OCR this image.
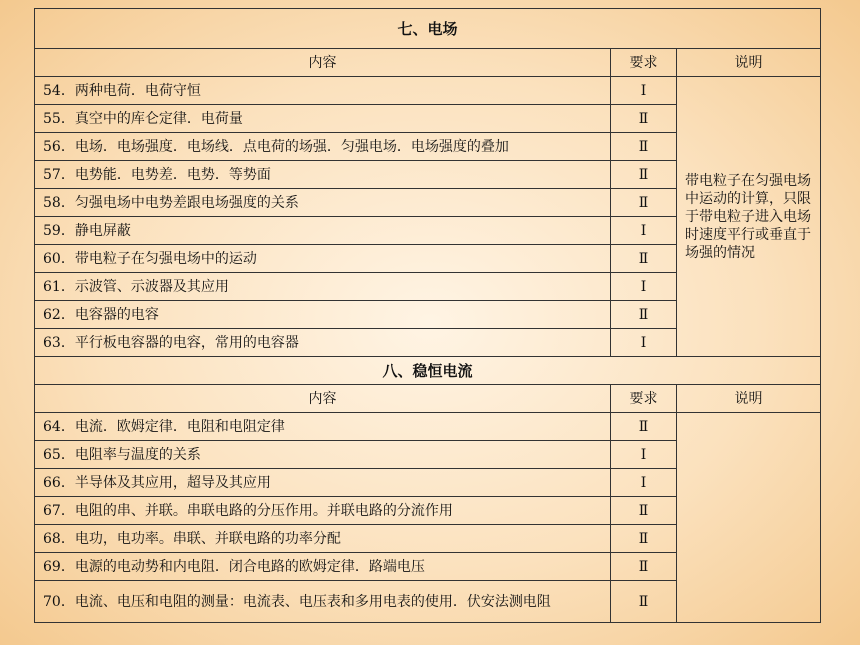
七、电场		
内容	要求	说明
54．两种电荷．电荷守恒	Ⅰ	带电粒子在匀强电场中运动的计算，只限于带电粒子进入电场时速度平行或垂直于场强的情况
55．真空中的库仑定律．电荷量	Ⅱ	
56．电场．电场强度．电场线．点电荷的场强．匀强电场．电场强度的叠加	Ⅱ	
57．电势能．电势差．电势．等势面	Ⅱ	
58．匀强电场中电势差跟电场强度的关系	Ⅱ	
59．静电屏蔽	Ⅰ	
60．带电粒子在匀强电场中的运动	Ⅱ	
61．示波管、示波器及其应用	Ⅰ	
62．电容器的电容	Ⅱ	
63．平行板电容器的电容，常用的电容器	Ⅰ	
八、稳恒电流		
内容	要求	说明
64．电流．欧姆定律．电阻和电阻定律	Ⅱ	
65．电阻率与温度的关系	Ⅰ	
66．半导体及其应用，超导及其应用	Ⅰ	
67．电阻的串、并联。串联电路的分压作用。并联电路的分流作用	Ⅱ	
68．电功，电功率。串联、并联电路的功率分配	Ⅱ	
69．电源的电动势和内电阻．闭合电路的欧姆定律．路端电压	Ⅱ	
70．电流、电压和电阻的测量：电流表、电压表和多用电表的使用．伏安法测电阻	Ⅱ	
